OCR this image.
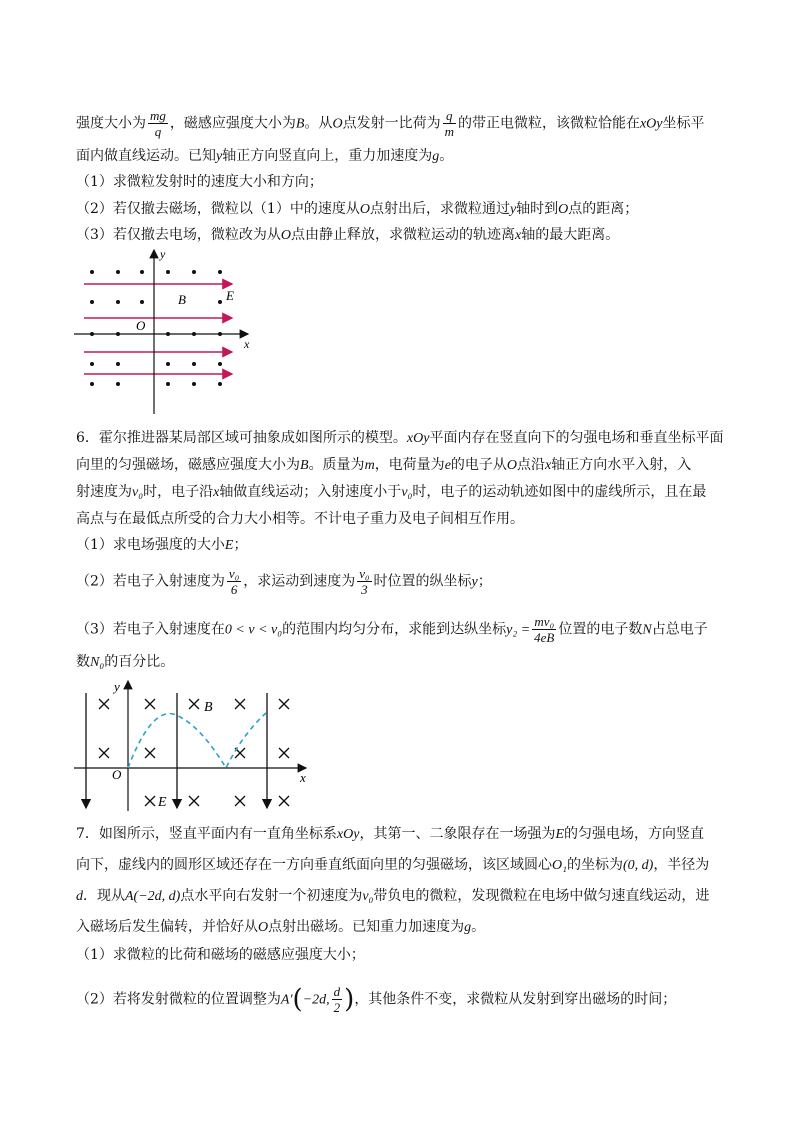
强度大小为 $\frac{mg}{q}$ ，磁感应强度大小为B。从O点发射一比荷为 $\frac{q}{m}$ 的带正电微粒，该微粒恰能在xOy坐标平
面内做直线运动。已知y轴正方向竖直向上，重力加速度为g。
（1）求微粒发射时的速度大小和方向；
（2）若仅撤去磁场，微粒以（1）中的速度从O点射出后，求微粒通过y轴时到O点的距离；
（3）若仅撤去电场，微粒改为从O点由静止释放，求微粒运动的轨迹离x轴的最大距离。
y
x
B	E
O
6．霍尔推进器某局部区域可抽象成如图所示的模型。xOy平面内存在竖直向下的匀强电场和垂直坐标平面
向里的匀强磁场，磁感应强度大小为B。质量为m，电荷量为e的电子从O点沿x轴正方向水平入射，入
射速度为v₀时，电子沿x轴做直线运动；入射速度小于v₀时，电子的运动轨迹如图中的虚线所示，且在最
高点与在最低点所受的合力大小相等。不计电子重力及电子间相互作用。
（1）求电场强度的大小E；
（2）若电子入射速度为 $\frac{\text{v₀}}{6}$ ，求运动到速度为 $\frac{\text{v₀}}{3}$ 时位置的纵坐标y；
（3）若电子入射速度在0 < v < v₀的范围内均匀分布，求能到达纵坐标$y_2 = \frac{\text{mv₀}}{4eB}$ 位置的电子数N占总电子
数N₀的百分比。
y
x
B
E
O
7．如图所示，竖直平面内有一直角坐标系xOy，其第一、二象限存在一场强为E的匀强电场，方向竖直
向下，虚线内的圆形区域还存在一方向垂直纸面向里的匀强磁场，该区域圆心O₁的坐标为(0, d)，半径为
d．现从A(−2d, d)点水平向右发射一个初速度为v₀带负电的微粒，发现微粒在电场中做匀速直线运动，进
入磁场后发生偏转，并恰好从O点射出磁场。已知重力加速度为g。
（1）求微粒的比荷和磁场的磁感应强度大小；
（2）若将发射微粒的位置调整为A′(−2d, $\frac{d}{2}$ )，其他条件不变，求微粒从发射到穿出磁场的时间；
